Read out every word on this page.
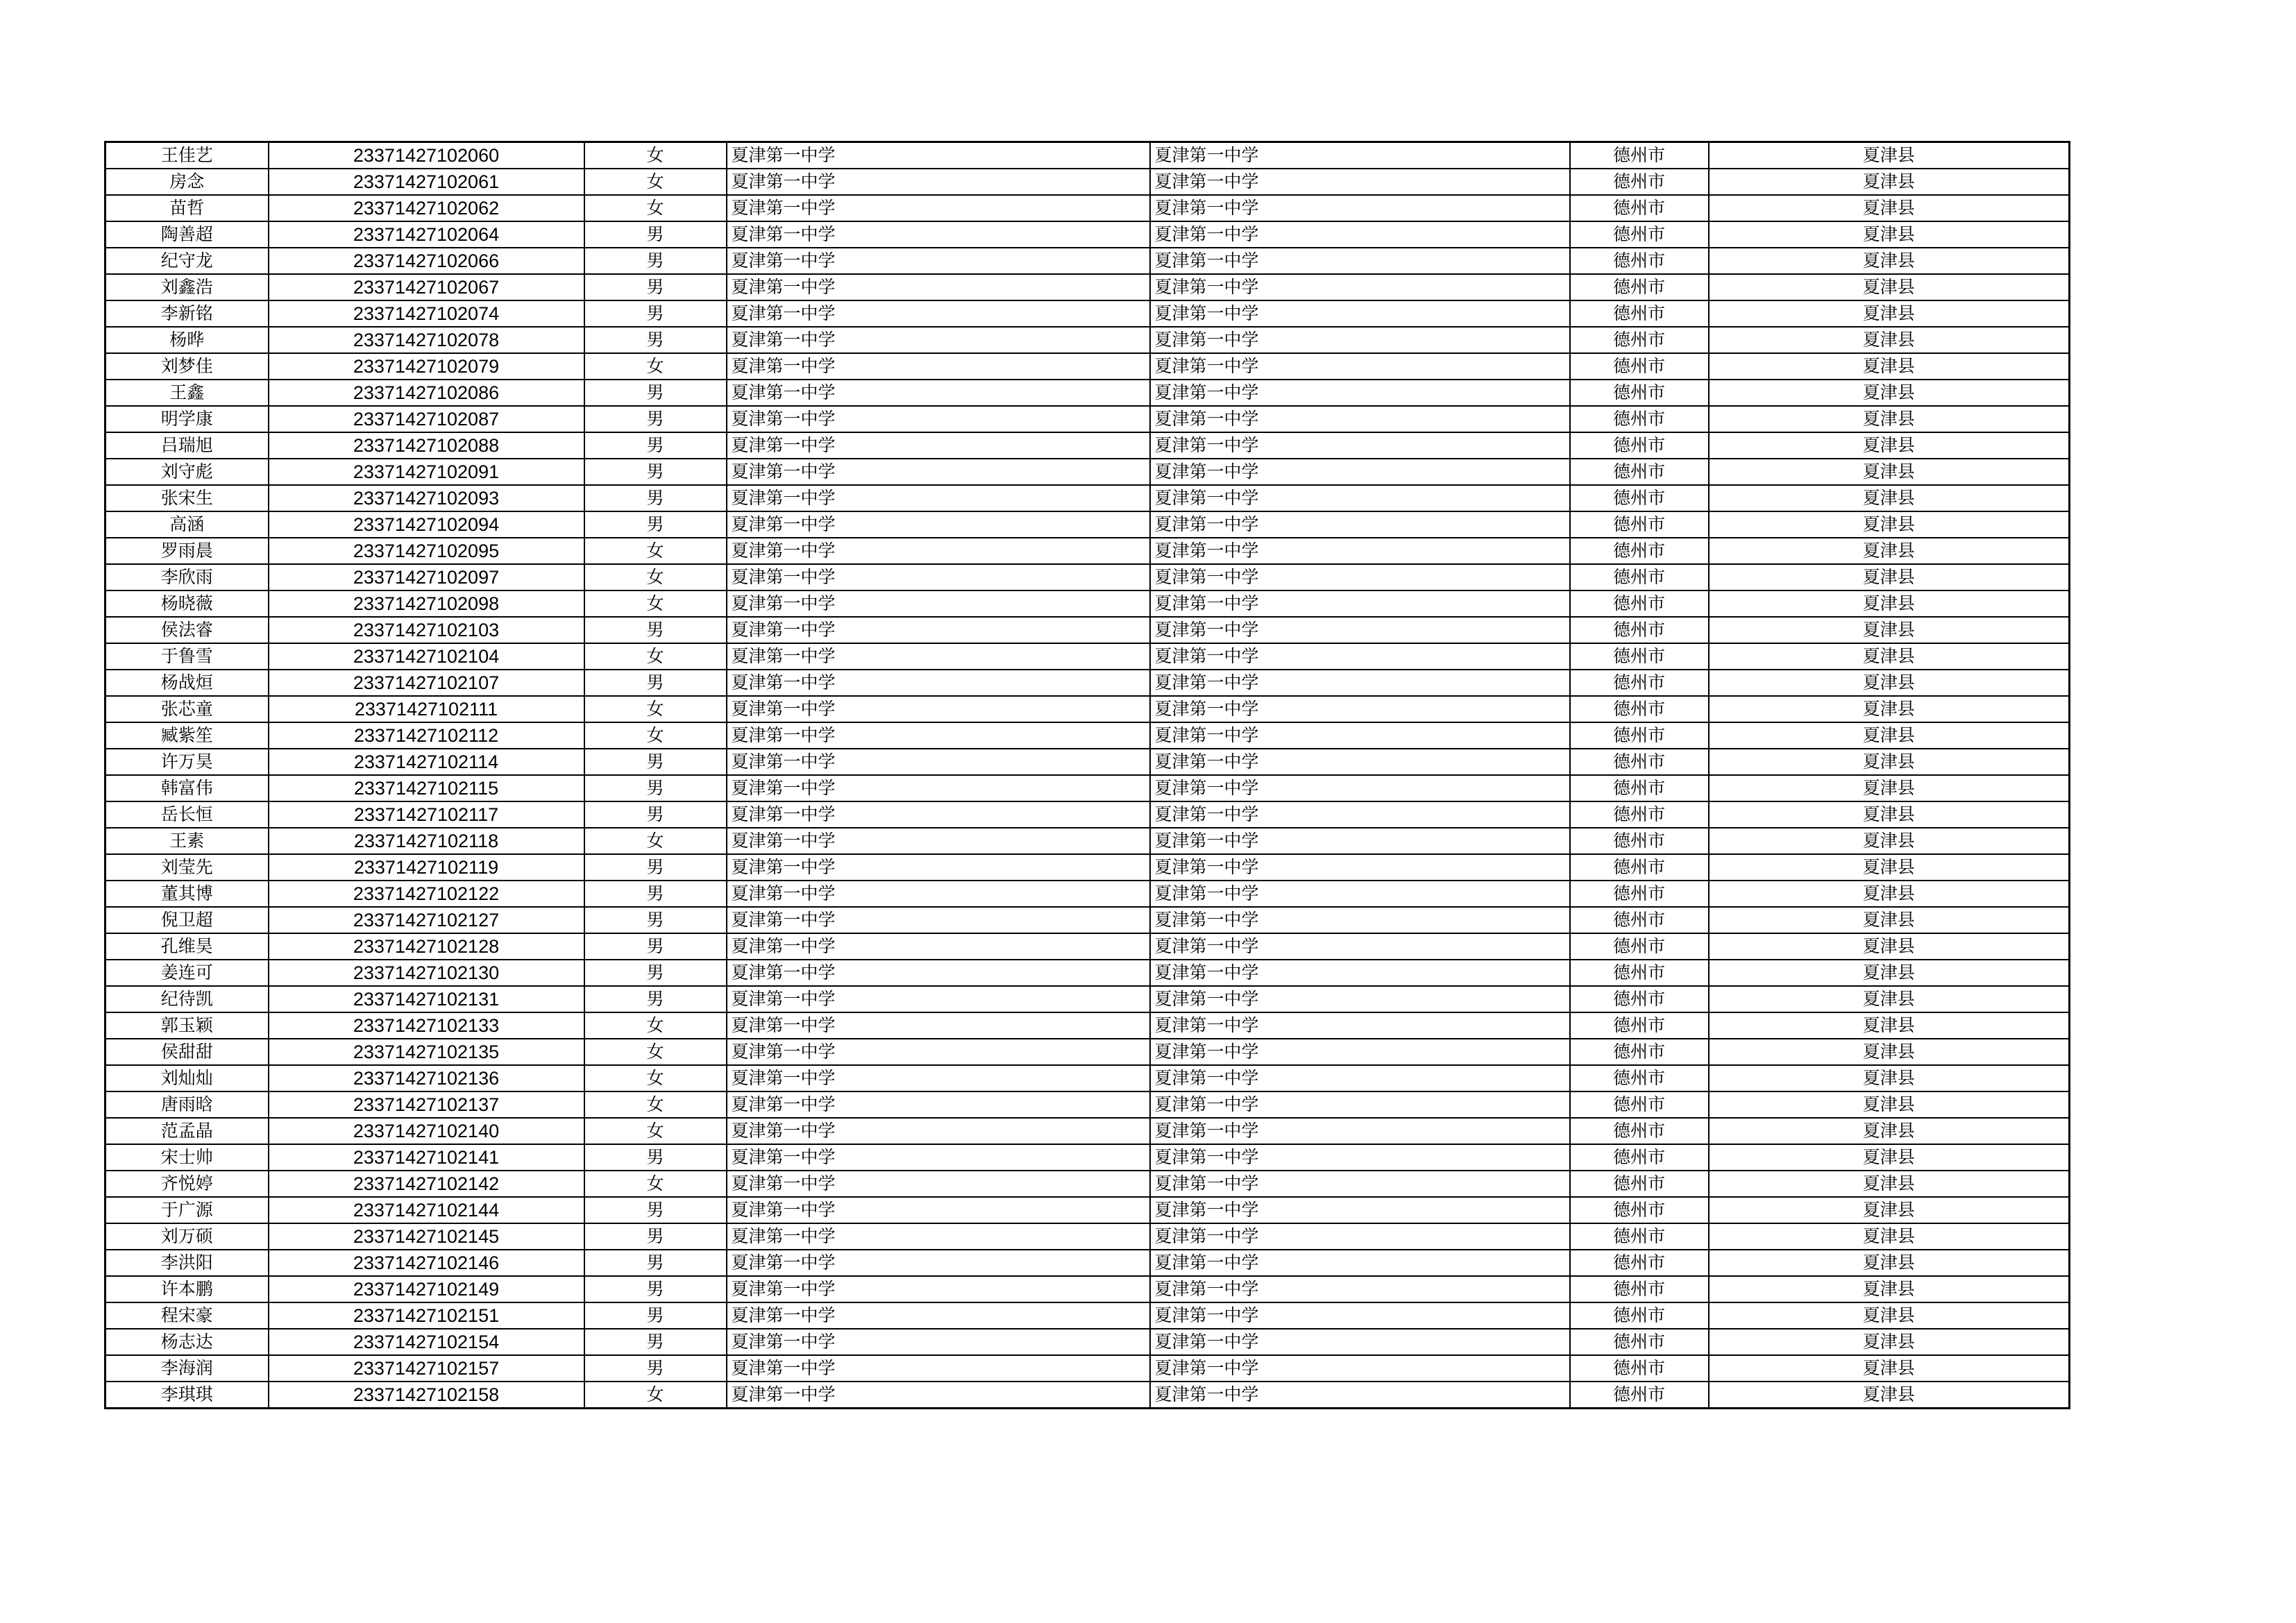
王佳艺	23371427102060	女	夏津第一中学	夏津第一中学	德州市	夏津县
房念	23371427102061	女	夏津第一中学	夏津第一中学	德州市	夏津县
苗哲	23371427102062	女	夏津第一中学	夏津第一中学	德州市	夏津县
陶善超	23371427102064	男	夏津第一中学	夏津第一中学	德州市	夏津县
纪守龙	23371427102066	男	夏津第一中学	夏津第一中学	德州市	夏津县
刘鑫浩	23371427102067	男	夏津第一中学	夏津第一中学	德州市	夏津县
李新铭	23371427102074	男	夏津第一中学	夏津第一中学	德州市	夏津县
杨晔	23371427102078	男	夏津第一中学	夏津第一中学	德州市	夏津县
刘梦佳	23371427102079	女	夏津第一中学	夏津第一中学	德州市	夏津县
王鑫	23371427102086	男	夏津第一中学	夏津第一中学	德州市	夏津县
明学康	23371427102087	男	夏津第一中学	夏津第一中学	德州市	夏津县
吕瑞旭	23371427102088	男	夏津第一中学	夏津第一中学	德州市	夏津县
刘守彪	23371427102091	男	夏津第一中学	夏津第一中学	德州市	夏津县
张宋生	23371427102093	男	夏津第一中学	夏津第一中学	德州市	夏津县
高涵	23371427102094	男	夏津第一中学	夏津第一中学	德州市	夏津县
罗雨晨	23371427102095	女	夏津第一中学	夏津第一中学	德州市	夏津县
李欣雨	23371427102097	女	夏津第一中学	夏津第一中学	德州市	夏津县
杨晓薇	23371427102098	女	夏津第一中学	夏津第一中学	德州市	夏津县
侯法睿	23371427102103	男	夏津第一中学	夏津第一中学	德州市	夏津县
于鲁雪	23371427102104	女	夏津第一中学	夏津第一中学	德州市	夏津县
杨战烜	23371427102107	男	夏津第一中学	夏津第一中学	德州市	夏津县
张芯童	23371427102111	女	夏津第一中学	夏津第一中学	德州市	夏津县
臧紫笙	23371427102112	女	夏津第一中学	夏津第一中学	德州市	夏津县
许万昊	23371427102114	男	夏津第一中学	夏津第一中学	德州市	夏津县
韩富伟	23371427102115	男	夏津第一中学	夏津第一中学	德州市	夏津县
岳长恒	23371427102117	男	夏津第一中学	夏津第一中学	德州市	夏津县
王素	23371427102118	女	夏津第一中学	夏津第一中学	德州市	夏津县
刘莹先	23371427102119	男	夏津第一中学	夏津第一中学	德州市	夏津县
董其博	23371427102122	男	夏津第一中学	夏津第一中学	德州市	夏津县
倪卫超	23371427102127	男	夏津第一中学	夏津第一中学	德州市	夏津县
孔维昊	23371427102128	男	夏津第一中学	夏津第一中学	德州市	夏津县
姜连可	23371427102130	男	夏津第一中学	夏津第一中学	德州市	夏津县
纪待凯	23371427102131	男	夏津第一中学	夏津第一中学	德州市	夏津县
郭玉颖	23371427102133	女	夏津第一中学	夏津第一中学	德州市	夏津县
侯甜甜	23371427102135	女	夏津第一中学	夏津第一中学	德州市	夏津县
刘灿灿	23371427102136	女	夏津第一中学	夏津第一中学	德州市	夏津县
唐雨晗	23371427102137	女	夏津第一中学	夏津第一中学	德州市	夏津县
范孟晶	23371427102140	女	夏津第一中学	夏津第一中学	德州市	夏津县
宋士帅	23371427102141	男	夏津第一中学	夏津第一中学	德州市	夏津县
齐悦婷	23371427102142	女	夏津第一中学	夏津第一中学	德州市	夏津县
于广源	23371427102144	男	夏津第一中学	夏津第一中学	德州市	夏津县
刘万硕	23371427102145	男	夏津第一中学	夏津第一中学	德州市	夏津县
李洪阳	23371427102146	男	夏津第一中学	夏津第一中学	德州市	夏津县
许本鹏	23371427102149	男	夏津第一中学	夏津第一中学	德州市	夏津县
程宋豪	23371427102151	男	夏津第一中学	夏津第一中学	德州市	夏津县
杨志达	23371427102154	男	夏津第一中学	夏津第一中学	德州市	夏津县
李海润	23371427102157	男	夏津第一中学	夏津第一中学	德州市	夏津县
李琪琪	23371427102158	女	夏津第一中学	夏津第一中学	德州市	夏津县
